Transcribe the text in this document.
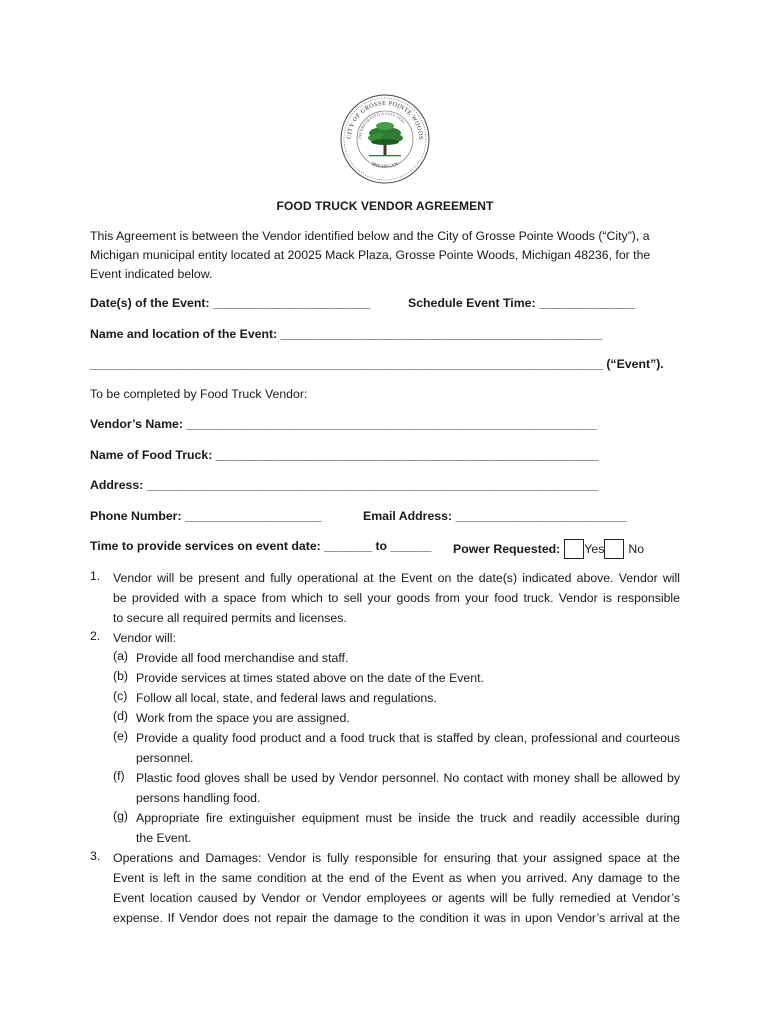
CITY OF GROSSE POINTE WOODS
INCORPORATED A CITY 1950
MICHIGAN
FOOD TRUCK VENDOR AGREEMENT
This Agreement is between the Vendor identified below and the City of Grosse Pointe Woods (“City”), a
Michigan municipal entity located at 20025 Mack Plaza, Grosse Pointe Woods, Michigan 48236, for the
Event indicated below.
Date(s) of the Event: _______________________	Schedule Event Time: ______________
Name and location of the Event: _______________________________________________
___________________________________________________________________________ (“Event”).
To be completed by Food Truck Vendor:
Vendor’s Name: ____________________________________________________________
Name of Food Truck: ________________________________________________________
Address: __________________________________________________________________
Phone Number: ____________________	Email Address: _________________________
Time to provide services on event date: _______ to ______ Power Requested: Yes No
1. Vendor will be present and fully operational at the Event on the date(s) indicated above. Vendor will
be provided with a space from which to sell your goods from your food truck. Vendor is responsible
to secure all required permits and licenses.
2. Vendor will:
(a) Provide all food merchandise and staff.
(b) Provide services at times stated above on the date of the Event.
(c) Follow all local, state, and federal laws and regulations.
(d) Work from the space you are assigned.
(e) Provide a quality food product and a food truck that is staffed by clean, professional and courteous
personnel.
(f) Plastic food gloves shall be used by Vendor personnel. No contact with money shall be allowed by
persons handling food.
(g) Appropriate fire extinguisher equipment must be inside the truck and readily accessible during
the Event.
3. Operations and Damages: Vendor is fully responsible for ensuring that your assigned space at the
Event is left in the same condition at the end of the Event as when you arrived. Any damage to the
Event location caused by Vendor or Vendor employees or agents will be fully remedied at Vendor’s
expense. If Vendor does not repair the damage to the condition it was in upon Vendor’s arrival at the
